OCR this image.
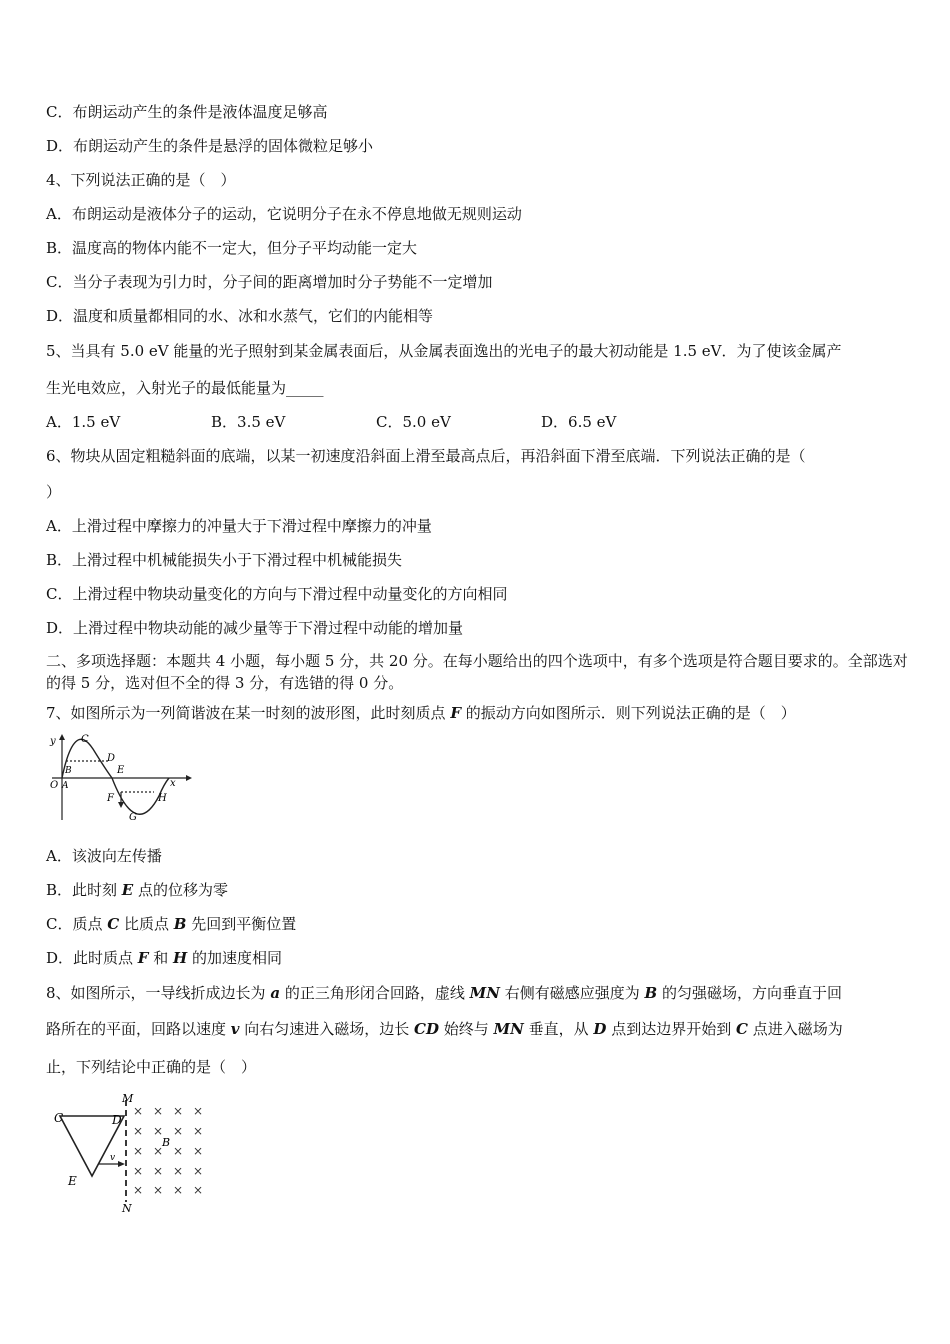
C．布朗运动产生的条件是液体温度足够高
D．布朗运动产生的条件是悬浮的固体微粒足够小
4、下列说法正确的是（　）
A．布朗运动是液体分子的运动，它说明分子在永不停息地做无规则运动
B．温度高的物体内能不一定大，但分子平均动能一定大
C．当分子表现为引力时，分子间的距离增加时分子势能不一定增加
D．温度和质量都相同的水、冰和水蒸气，它们的内能相等
5、当具有 5.0 eV 能量的光子照射到某金属表面后，从金属表面逸出的光电子的最大初动能是 1.5 eV．为了使该金属产
生光电效应，入射光子的最低能量为_____
A．1.5 eV	B．3.5 eV	C．5.0 eV	D．6.5 eV
6、物块从固定粗糙斜面的底端，以某一初速度沿斜面上滑至最高点后，再沿斜面下滑至底端．下列说法正确的是（
）
A．上滑过程中摩擦力的冲量大于下滑过程中摩擦力的冲量
B．上滑过程中机械能损失小于下滑过程中机械能损失
C．上滑过程中物块动量变化的方向与下滑过程中动量变化的方向相同
D．上滑过程中物块动能的减少量等于下滑过程中动能的增加量
二、多项选择题：本题共 4 小题，每小题 5 分，共 20 分。在每小题给出的四个选项中，有多个选项是符合题目要求的。全部选对的得 5 分，选对但不全的得 3 分，有选错的得 0 分。
7、如图所示为一列简谐波在某一时刻的波形图，此时刻质点 F 的振动方向如图所示．则下列说法正确的是（　）
y
x
O A
B
C
D
E
F
G
H
A．该波向左传播
B．此时刻 E 点的位移为零
C．质点 C 比质点 B 先回到平衡位置
D．此时质点 F 和 H 的加速度相同
8、如图所示，一导线折成边长为 a 的正三角形闭合回路，虚线 MN 右侧有磁感应强度为 B 的匀强磁场，方向垂直于回
路所在的平面，回路以速度 v 向右匀速进入磁场，边长 CD 始终与 MN 垂直，从 D 点到达边界开始到 C 点进入磁场为
止，下列结论中正确的是（　）
v
C	D
E
M
N
B
× × × ×
× × × ×
× × × ×
× × × ×
× × × ×
